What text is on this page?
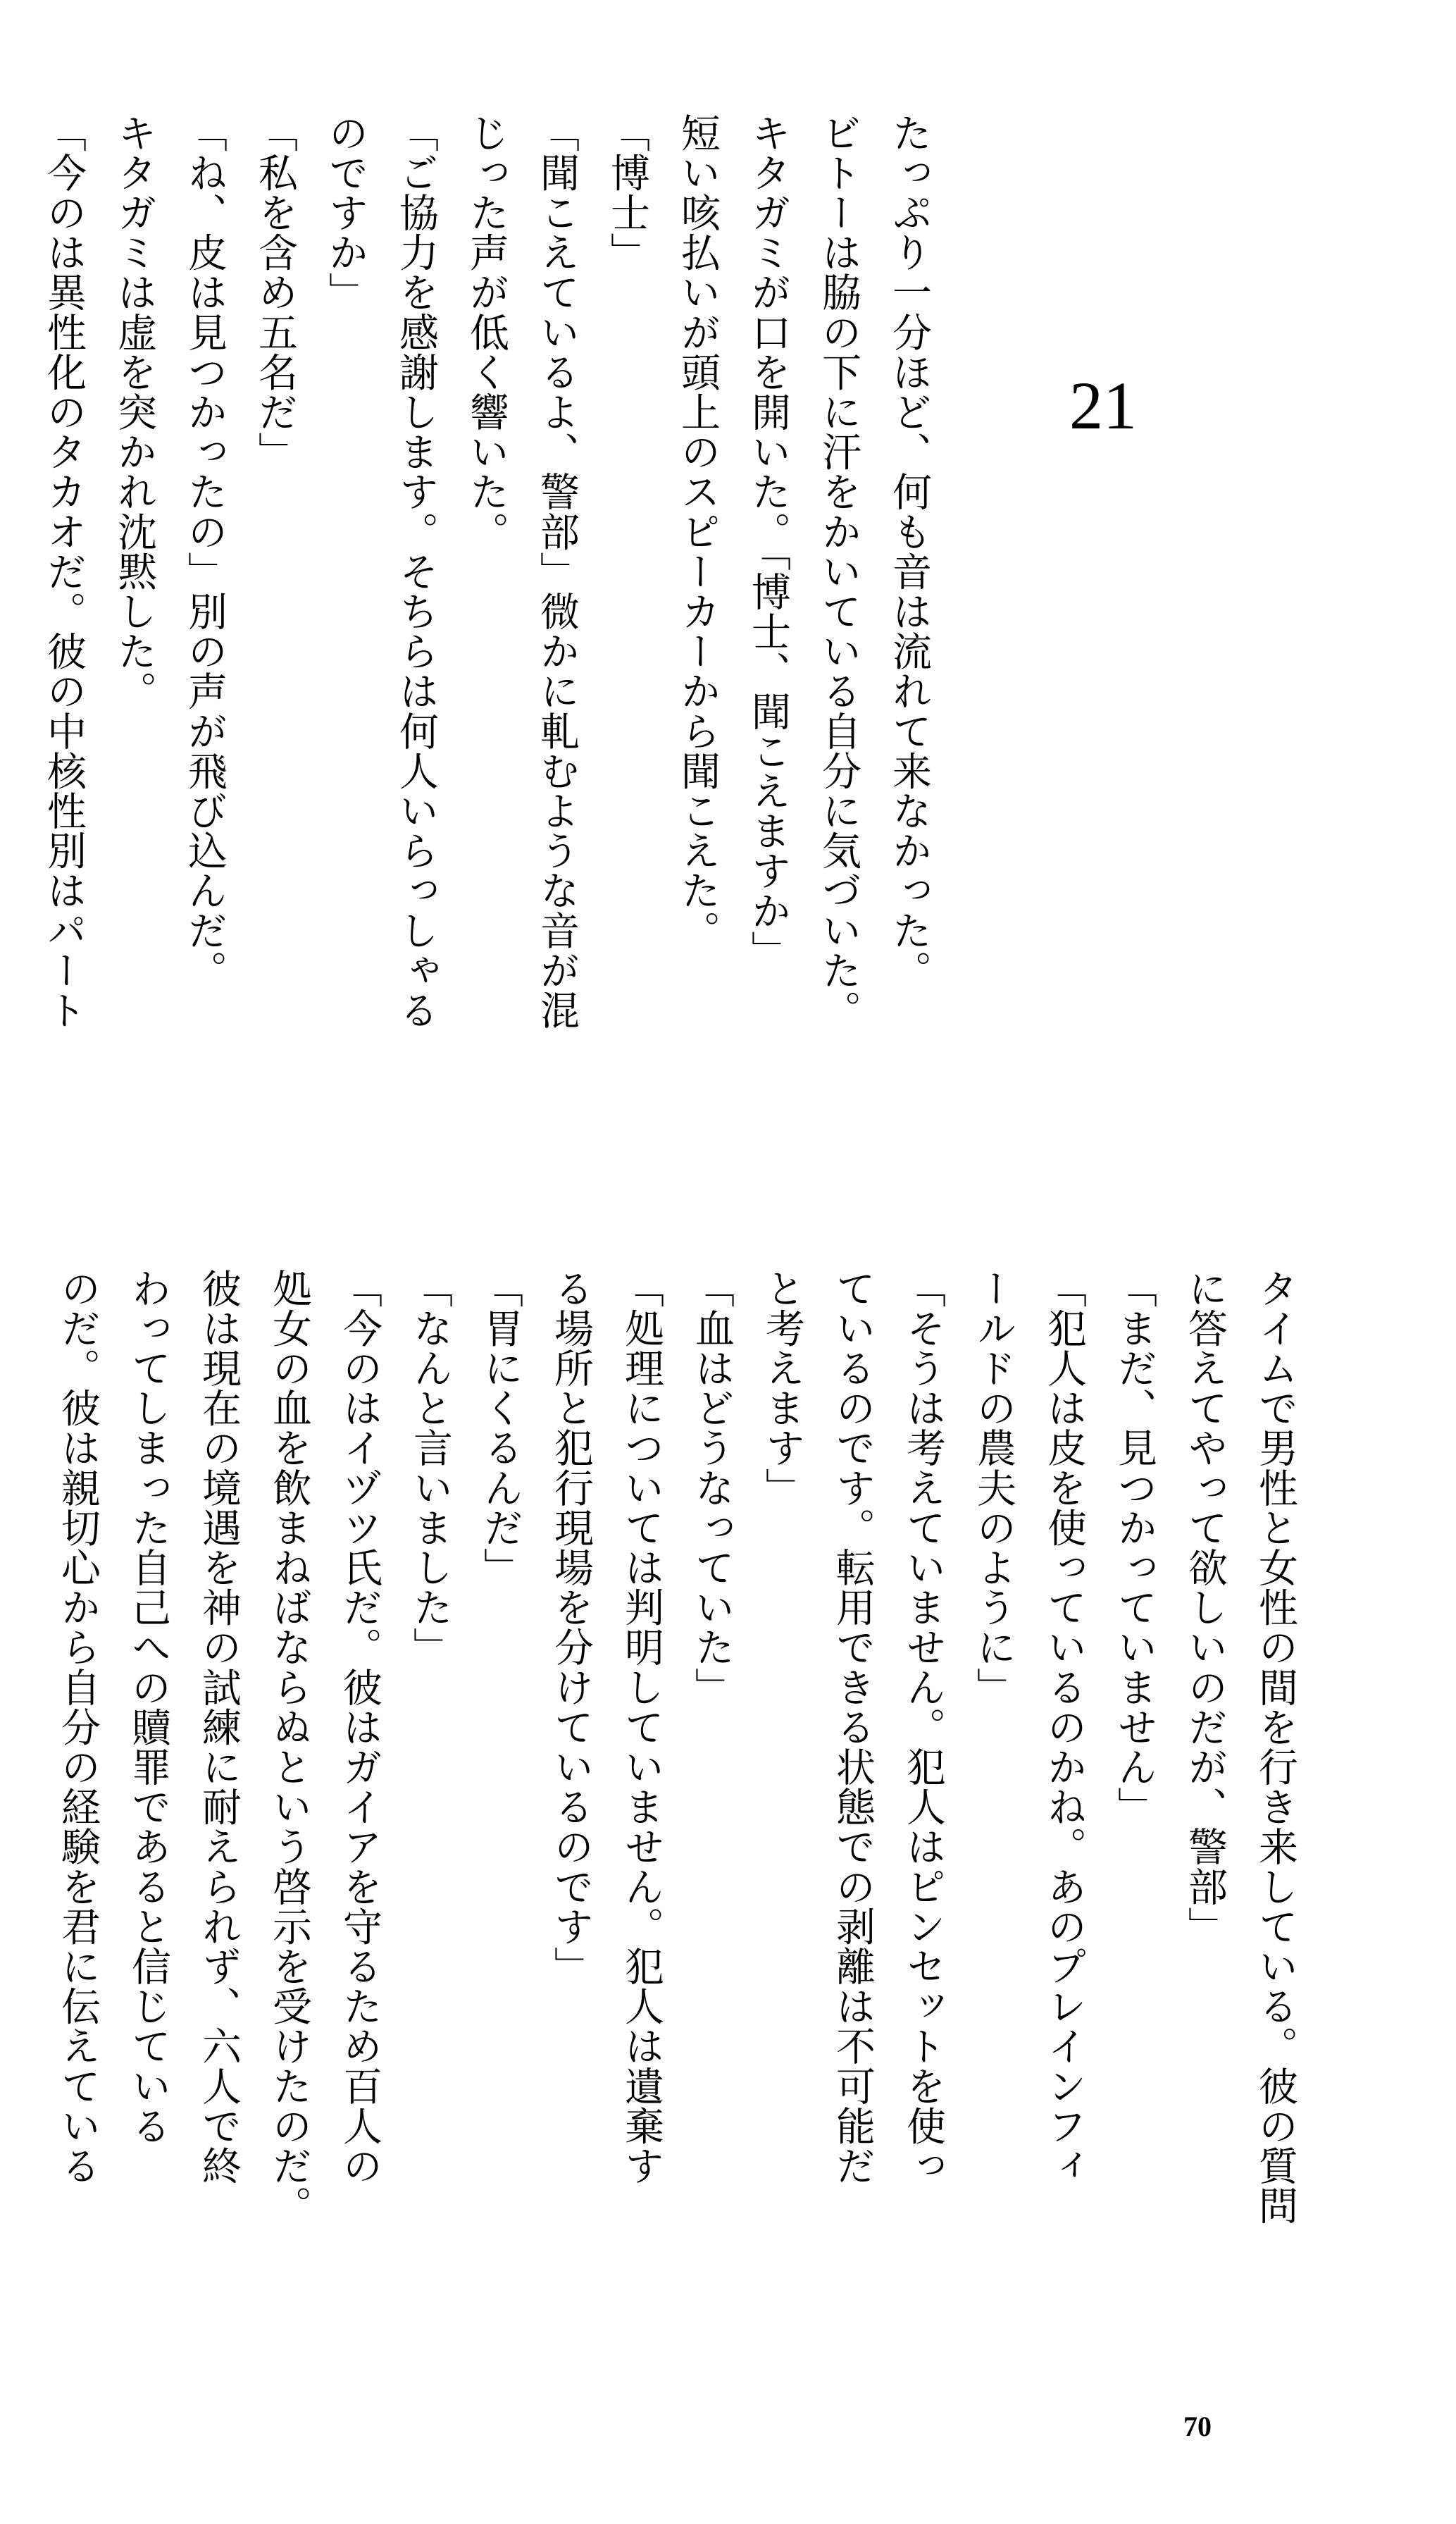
21
たっぷり一分ほど、何も音は流れて来なかった。
ビトーは脇の下に汗をかいている自分に気づいた。
キタガミが口を開いた。「博士、聞こえますか」
短い咳払いが頭上のスピーカーから聞こえた。
「博士」
「聞こえているよ、警部」微かに軋むような音が混
じった声が低く響いた。
「ご協力を感謝します。そちらは何人いらっしゃる
のですか」
「私を含め五名だ」
「ね、皮は見つかったの」別の声が飛び込んだ。
キタガミは虚を突かれ沈黙した。
「今のは異性化のタカオだ。彼の中核性別はパート
タイムで男性と女性の間を行き来している。彼の質問
に答えてやって欲しいのだが、警部」
「まだ、見つかっていません」
「犯人は皮を使っているのかね。あのプレインフィ
ールドの農夫のように」
「そうは考えていません。犯人はピンセットを使っ
ているのです。転用できる状態での剥離は不可能だ
と考えます」
「血はどうなっていた」
「処理については判明していません。犯人は遺棄す
る場所と犯行現場を分けているのです」
「胃にくるんだ」
「なんと言いました」
「今のはイヅツ氏だ。彼はガイアを守るため百人の
処女の血を飲まねばならぬという啓示を受けたのだ。
彼は現在の境遇を神の試練に耐えられず、六人で終
わってしまった自己への贖罪であると信じている
のだ。彼は親切心から自分の経験を君に伝えている
70
